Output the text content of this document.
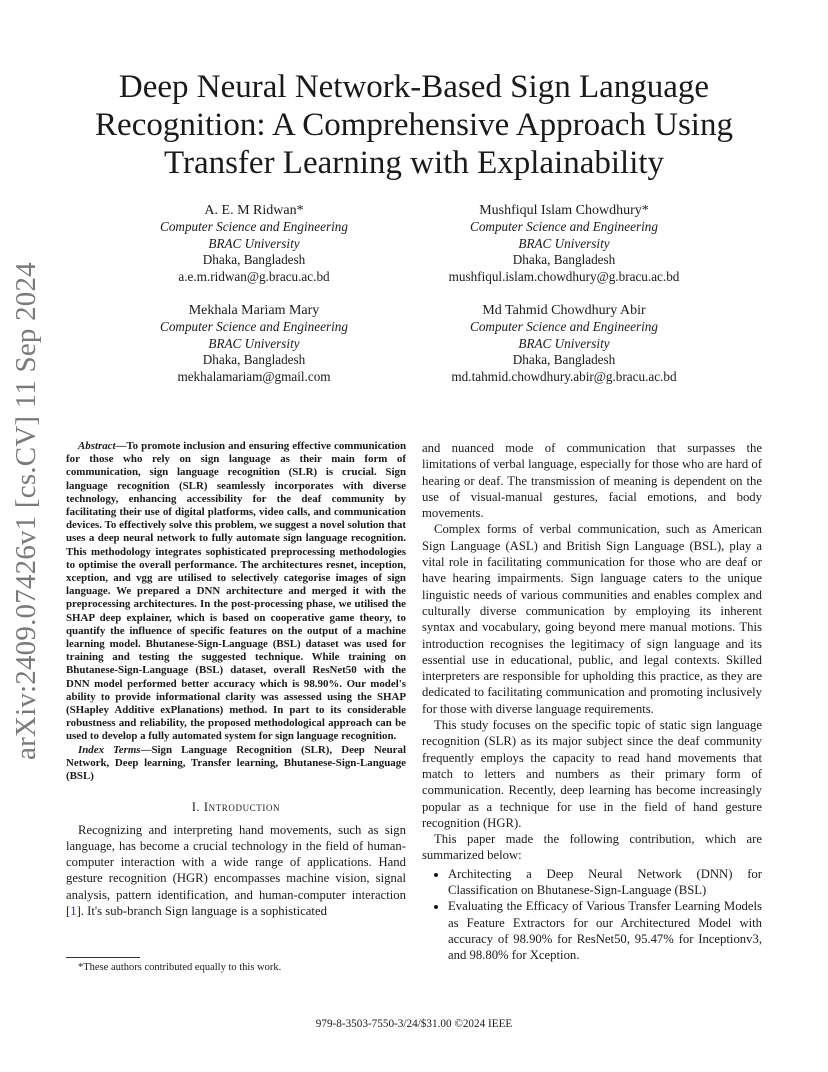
arXiv:2409.07426v1 [cs.CV] 11 Sep 2024
Deep Neural Network-Based Sign Language
Recognition: A Comprehensive Approach Using
Transfer Learning with Explainability
A. E. M Ridwan*
Computer Science and Engineering
BRAC University
Dhaka, Bangladesh
a.e.m.ridwan@g.bracu.ac.bd
Mushfiqul Islam Chowdhury*
Computer Science and Engineering
BRAC University
Dhaka, Bangladesh
mushfiqul.islam.chowdhury@g.bracu.ac.bd
Mekhala Mariam Mary
Computer Science and Engineering
BRAC University
Dhaka, Bangladesh
mekhalamariam@gmail.com
Md Tahmid Chowdhury Abir
Computer Science and Engineering
BRAC University
Dhaka, Bangladesh
md.tahmid.chowdhury.abir@g.bracu.ac.bd

Abstract—To promote inclusion and ensuring effective communication for those who rely on sign language as their main form of communication, sign language recognition (SLR) is crucial. Sign language recognition (SLR) seamlessly incorporates with diverse technology, enhancing accessibility for the deaf community by facilitating their use of digital platforms, video calls, and communication devices. To effectively solve this problem, we suggest a novel solution that uses a deep neural network to fully automate sign language recognition. This methodology integrates sophisticated preprocessing methodologies to optimise the overall performance. The architectures resnet, inception, xception, and vgg are utilised to selectively categorise images of sign language. We prepared a DNN architecture and merged it with the preprocessing architectures. In the post-processing phase, we utilised the SHAP deep explainer, which is based on cooperative game theory, to quantify the influence of specific features on the output of a machine learning model. Bhutanese-Sign-Language (BSL) dataset was used for training and testing the suggested technique. While training on Bhutanese-Sign-Language (BSL) dataset, overall ResNet50 with the DNN model performed better accuracy which is 98.90%. Our model's ability to provide informational clarity was assessed using the SHAP (SHapley Additive exPlanations) method. In part to its considerable robustness and reliability, the proposed methodological approach can be used to develop a fully automated system for sign language recognition.

Index Terms—Sign Language Recognition (SLR), Deep Neural Network, Deep learning, Transfer learning, Bhutanese-Sign-Language (BSL)

I. Introduction

Recognizing and interpreting hand movements, such as sign language, has become a crucial technology in the field of human-computer interaction with a wide range of applications. Hand gesture recognition (HGR) encompasses machine vision, signal analysis, pattern identification, and human-computer interaction [1]. It's sub-branch Sign language is a sophisticated

and nuanced mode of communication that surpasses the limitations of verbal language, especially for those who are hard of hearing or deaf. The transmission of meaning is dependent on the use of visual-manual gestures, facial emotions, and body movements.

Complex forms of verbal communication, such as American Sign Language (ASL) and British Sign Language (BSL), play a vital role in facilitating communication for those who are deaf or have hearing impairments. Sign language caters to the unique linguistic needs of various communities and enables complex and culturally diverse communication by employing its inherent syntax and vocabulary, going beyond mere manual motions. This introduction recognises the legitimacy of sign language and its essential use in educational, public, and legal contexts. Skilled interpreters are responsible for upholding this practice, as they are dedicated to facilitating communication and promoting inclusively for those with diverse language requirements.

This study focuses on the specific topic of static sign language recognition (SLR) as its major subject since the deaf community frequently employs the capacity to read hand movements that match to letters and numbers as their primary form of communication. Recently, deep learning has become increasingly popular as a technique for use in the field of hand gesture recognition (HGR).

This paper made the following contribution, which are summarized below:

• Architecting a Deep Neural Network (DNN) for Classification on Bhutanese-Sign-Language (BSL)
• Evaluating the Efficacy of Various Transfer Learning Models as Feature Extractors for our Architectured Model with accuracy of 98.90% for ResNet50, 95.47% for Inceptionv3, and 98.80% for Xception.
*These authors contributed equally to this work.
979-8-3503-7550-3/24/$31.00 ©2024 IEEE
